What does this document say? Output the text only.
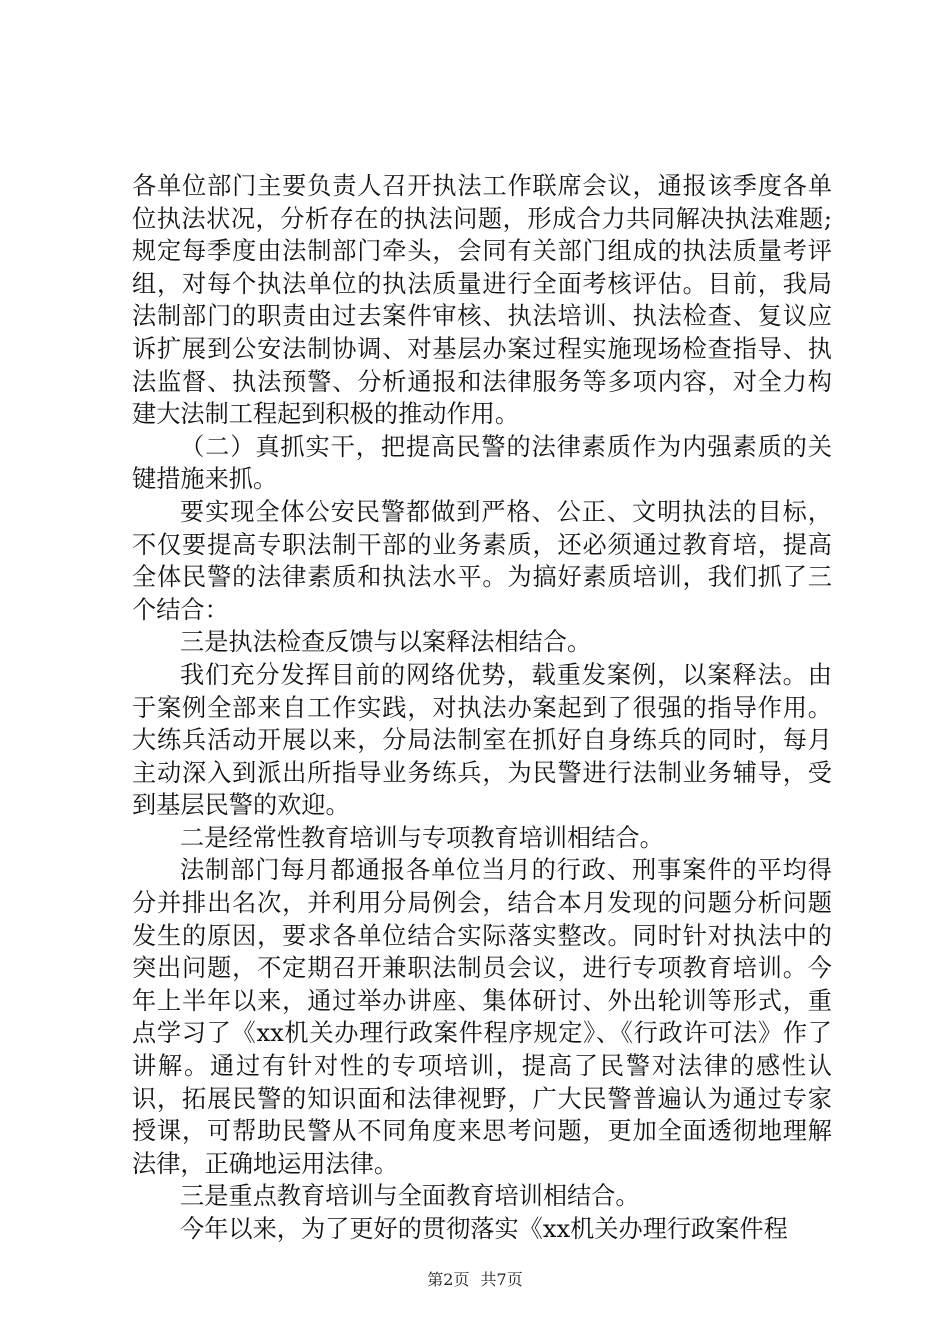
各单位部门主要负责人召开执法工作联席会议，通报该季度各单位执法状况，分析存在的执法问题，形成合力共同解决执法难题;规定每季度由法制部门牵头，会同有关部门组成的执法质量考评组，对每个执法单位的执法质量进行全面考核评估。目前，我局法制部门的职责由过去案件审核、执法培训、执法检查、复议应诉扩展到公安法制协调、对基层办案过程实施现场检查指导、执法监督、执法预警、分析通报和法律服务等多项内容，对全力构建大法制工程起到积极的推动作用。

（二）真抓实干，把提高民警的法律素质作为内强素质的关键措施来抓。

要实现全体公安民警都做到严格、公正、文明执法的目标，不仅要提高专职法制干部的业务素质，还必须通过教育培，提高全体民警的法律素质和执法水平。为搞好素质培训，我们抓了三个结合：

三是执法检查反馈与以案释法相结合。

我们充分发挥目前的网络优势，载重发案例，以案释法。由于案例全部来自工作实践，对执法办案起到了很强的指导作用。大练兵活动开展以来，分局法制室在抓好自身练兵的同时，每月主动深入到派出所指导业务练兵，为民警进行法制业务辅导，受到基层民警的欢迎。

二是经常性教育培训与专项教育培训相结合。

法制部门每月都通报各单位当月的行政、刑事案件的平均得分并排出名次，并利用分局例会，结合本月发现的问题分析问题发生的原因，要求各单位结合实际落实整改。同时针对执法中的突出问题，不定期召开兼职法制员会议，进行专项教育培训。今年上半年以来，通过举办讲座、集体研讨、外出轮训等形式，重点学习了《xx机关办理行政案件程序规定》、《行政许可法》作了讲解。通过有针对性的专项培训，提高了民警对法律的感性认识，拓展民警的知识面和法律视野，广大民警普遍认为通过专家授课，可帮助民警从不同角度来思考问题，更加全面透彻地理解法律，正确地运用法律。

三是重点教育培训与全面教育培训相结合。

今年以来，为了更好的贯彻落实《xx机关办理行政案件程

第2页 共7页
